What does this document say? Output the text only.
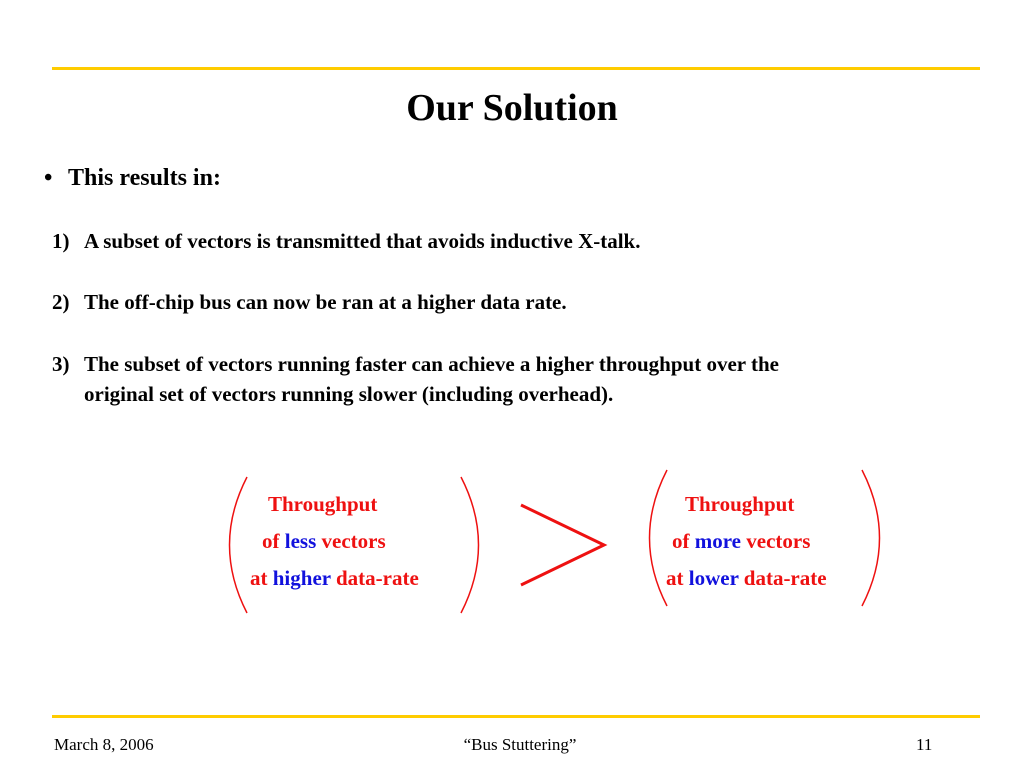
Our Solution
• This results in:
1) A subset of vectors is transmitted that avoids inductive X-talk.
2) The off-chip bus can now be ran at a higher data rate.
3) The subset of vectors running faster can achieve a higher throughput over the
original set of vectors running slower (including overhead).
Throughput
of less vectors
at higher data-rate
Throughput
of more vectors
at lower data-rate
March 8, 2006	“Bus Stuttering”	11
